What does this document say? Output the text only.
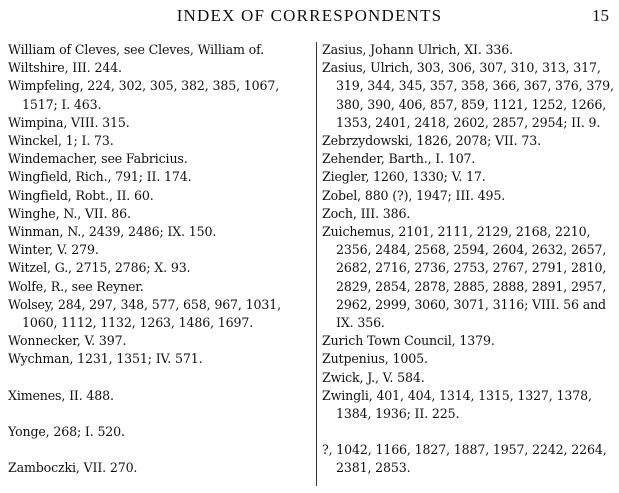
INDEX OF CORRESPONDENTS	15

William of Cleves, see Cleves, William of.

Wiltshire, III. 244.

Wimpfeling, 224, 302, 305, 382, 385, 1067, 1517; I. 463.

Wimpina, VIII. 315.

Winckel, 1; I. 73.

Windemacher, see Fabricius.

Wingfield, Rich., 791; II. 174.

Wingfield, Robt., II. 60.

Winghe, N., VII. 86.

Winman, N., 2439, 2486; IX. 150.

Winter, V. 279.

Witzel, G., 2715, 2786; X. 93.

Wolfe, R., see Reyner.

Wolsey, 284, 297, 348, 577, 658, 967, 1031, 1060, 1112, 1132, 1263, 1486, 1697.

Wonnecker, V. 397.

Wychman, 1231, 1351; IV. 571.

Ximenes, II. 488.

Yonge, 268; I. 520.

Zamboczki, VII. 270.

Zasius, Johann Ulrich, XI. 336.

Zasius, Ulrich, 303, 306, 307, 310, 313, 317, 319, 344, 345, 357, 358, 366, 367, 376, 379, 380, 390, 406, 857, 859, 1121, 1252, 1266, 1353, 2401, 2418, 2602, 2857, 2954; II. 9.

Zebrzydowski, 1826, 2078; VII. 73.

Zehender, Barth., I. 107.

Ziegler, 1260, 1330; V. 17.

Zobel, 880 (?), 1947; III. 495.

Zoch, III. 386.

Zuichemus, 2101, 2111, 2129, 2168, 2210, 2356, 2484, 2568, 2594, 2604, 2632, 2657, 2682, 2716, 2736, 2753, 2767, 2791, 2810, 2829, 2854, 2878, 2885, 2888, 2891, 2957, 2962, 2999, 3060, 3071, 3116; VIII. 56 and IX. 356.

Zurich Town Council, 1379.

Zutpenius, 1005.

Zwick, J., V. 584.

Zwingli, 401, 404, 1314, 1315, 1327, 1378, 1384, 1936; II. 225.

?, 1042, 1166, 1827, 1887, 1957, 2242, 2264, 2381, 2853.
